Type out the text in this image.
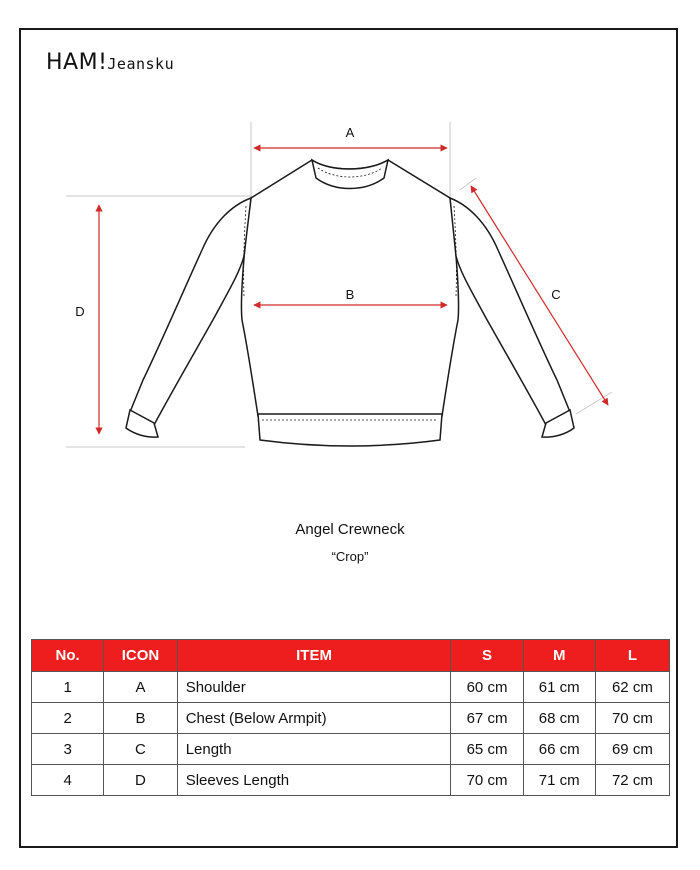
HAM!Jeansku
A
B	C
D
Angel Crewneck
“Crop”
No.	ICON	ITEM	S	M	L
1	A	Shoulder	60 cm	61 cm	62 cm
2	B	Chest (Below Armpit)	67 cm	68 cm	70 cm
3	C	Length	65 cm	66 cm	69 cm
4	D	Sleeves Length	70 cm	71 cm	72 cm
